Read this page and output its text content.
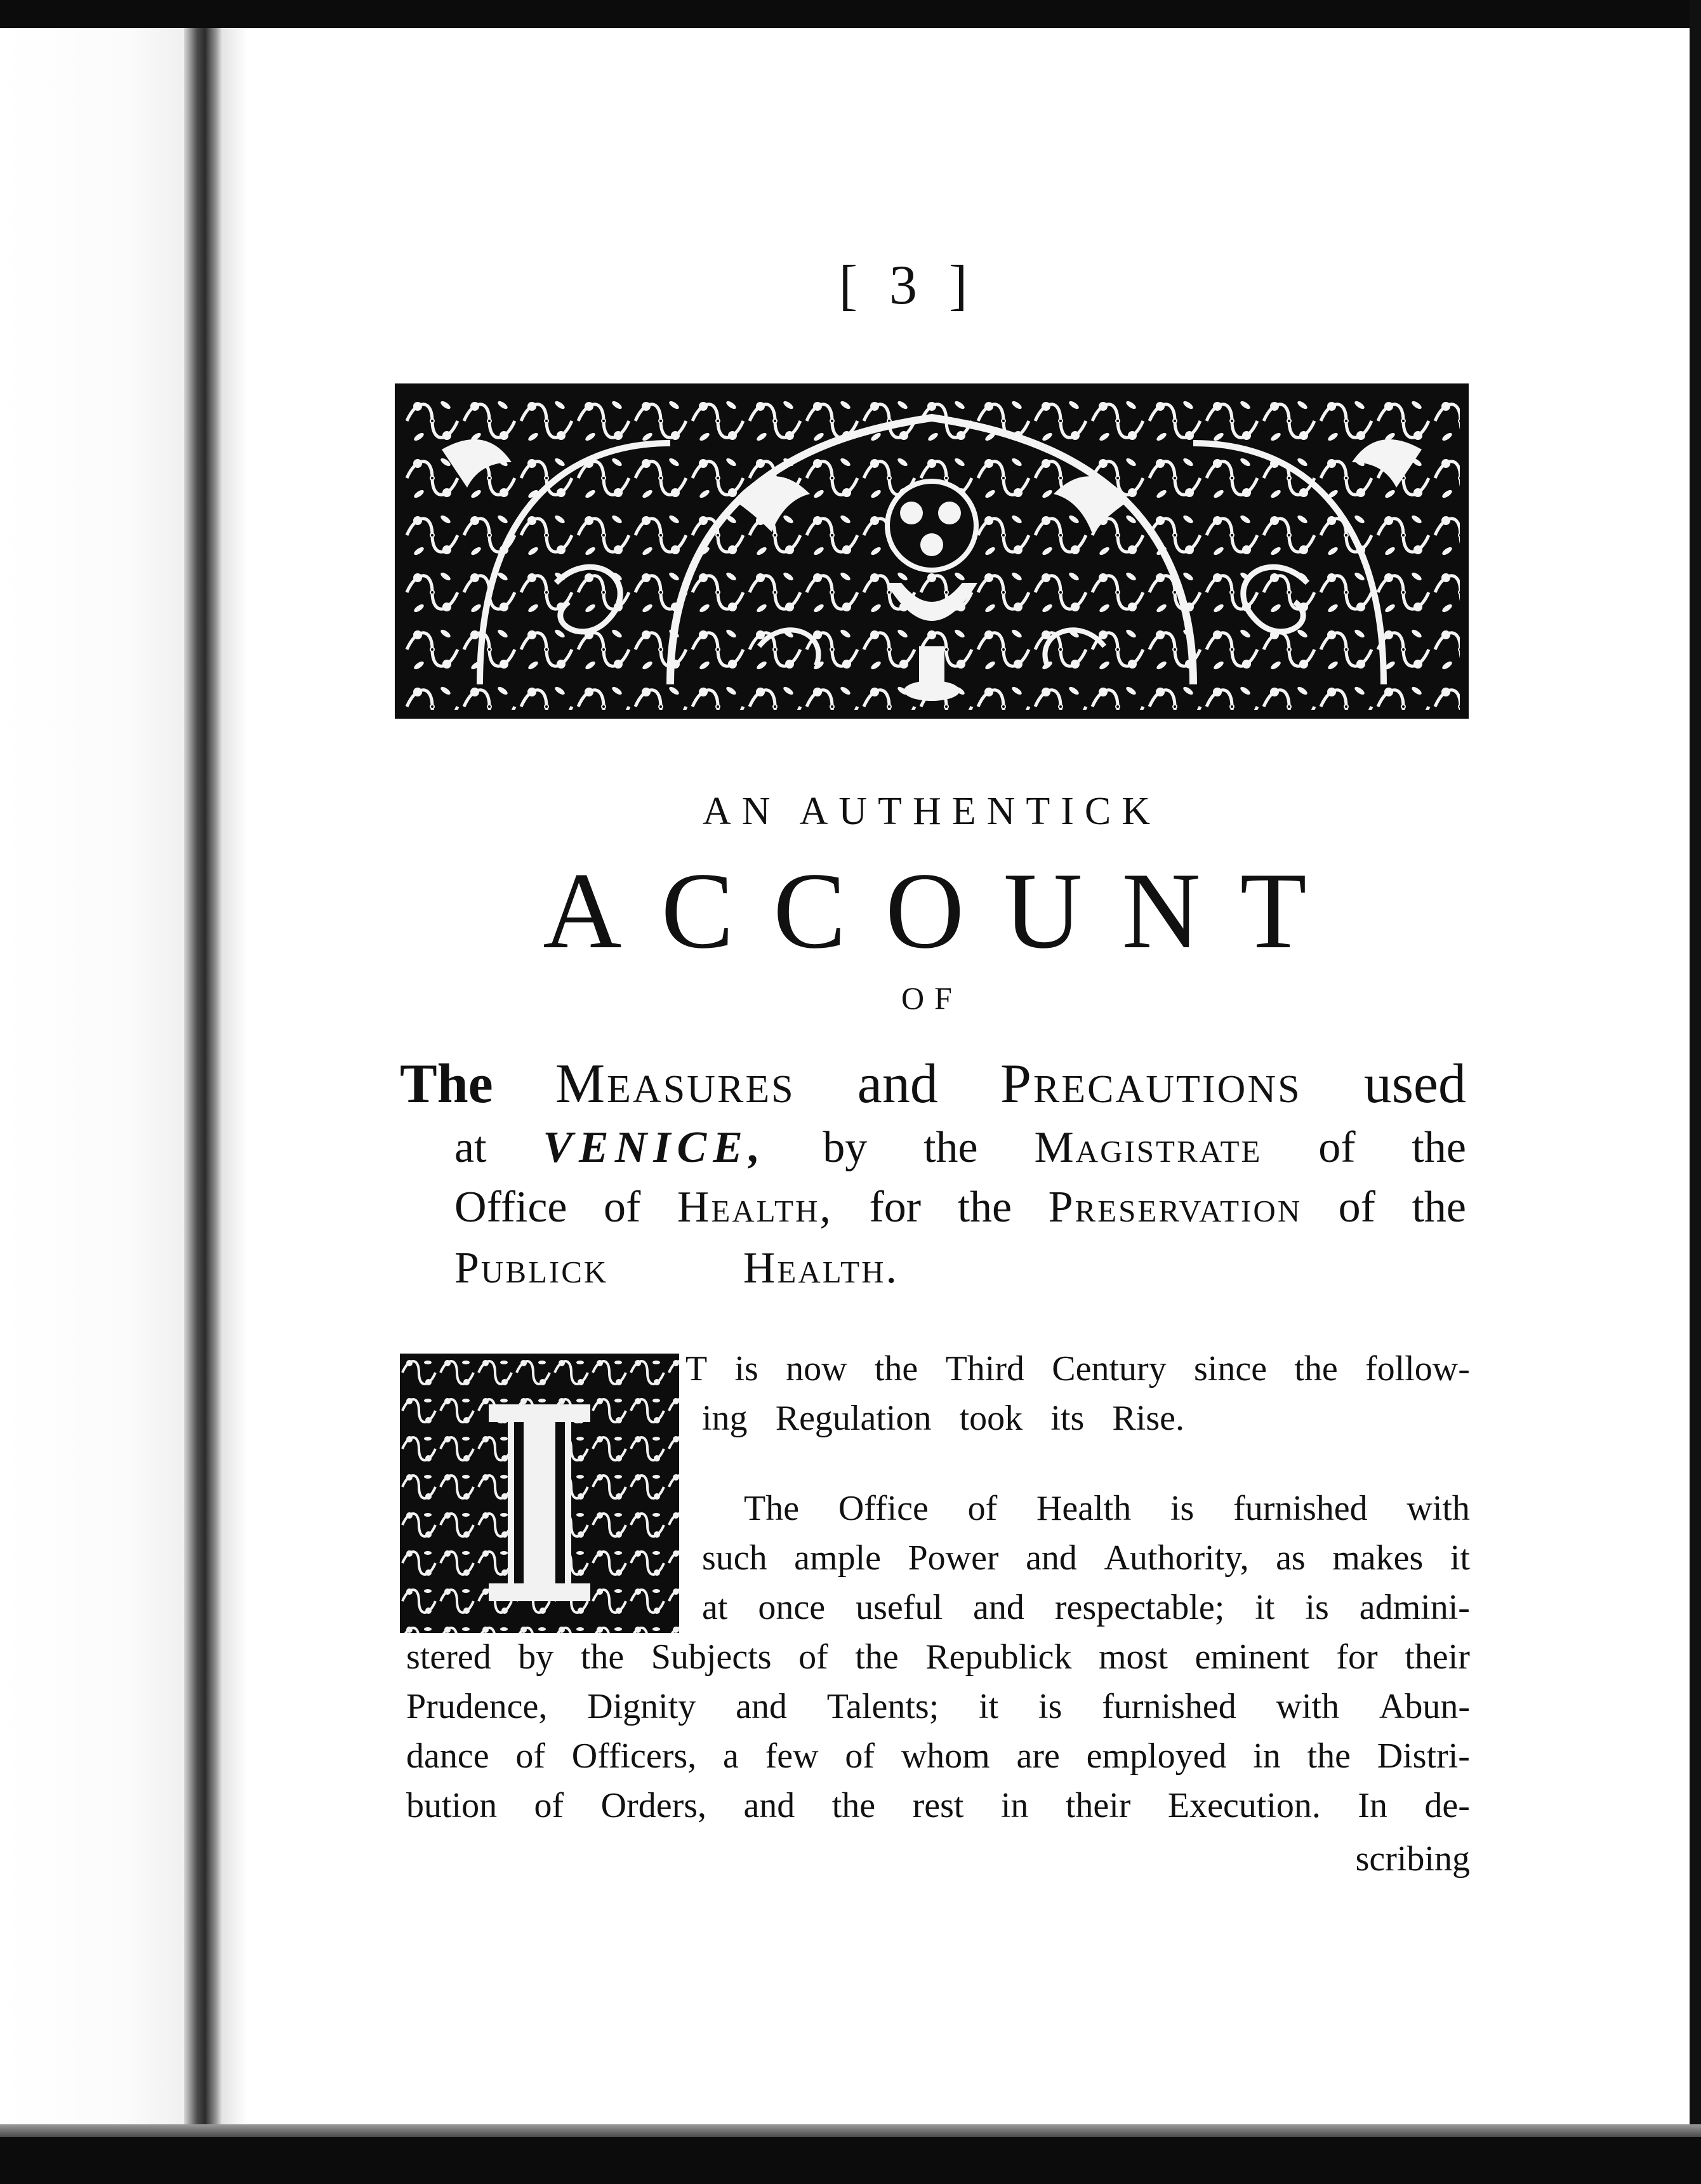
[ 3 ]
AN AUTHENTICK
ACCOUNT
OF
The Measures and Precautions used
at VENICE, by the Magistrate of the
Office of Health, for the Preservation of the
Publick	Health.
T is now the Third Century since the follow-
ing Regulation took its Rise.
The Office of Health is furnished with
such ample Power and Authority, as makes it
at once useful and respectable; it is admini-
stered by the Subjects of the Republick most eminent for their
Prudence, Dignity and Talents; it is furnished with Abun-
dance of Officers, a few of whom are employed in the Distri-
bution of Orders, and the rest in their Execution. In de-
scribing
